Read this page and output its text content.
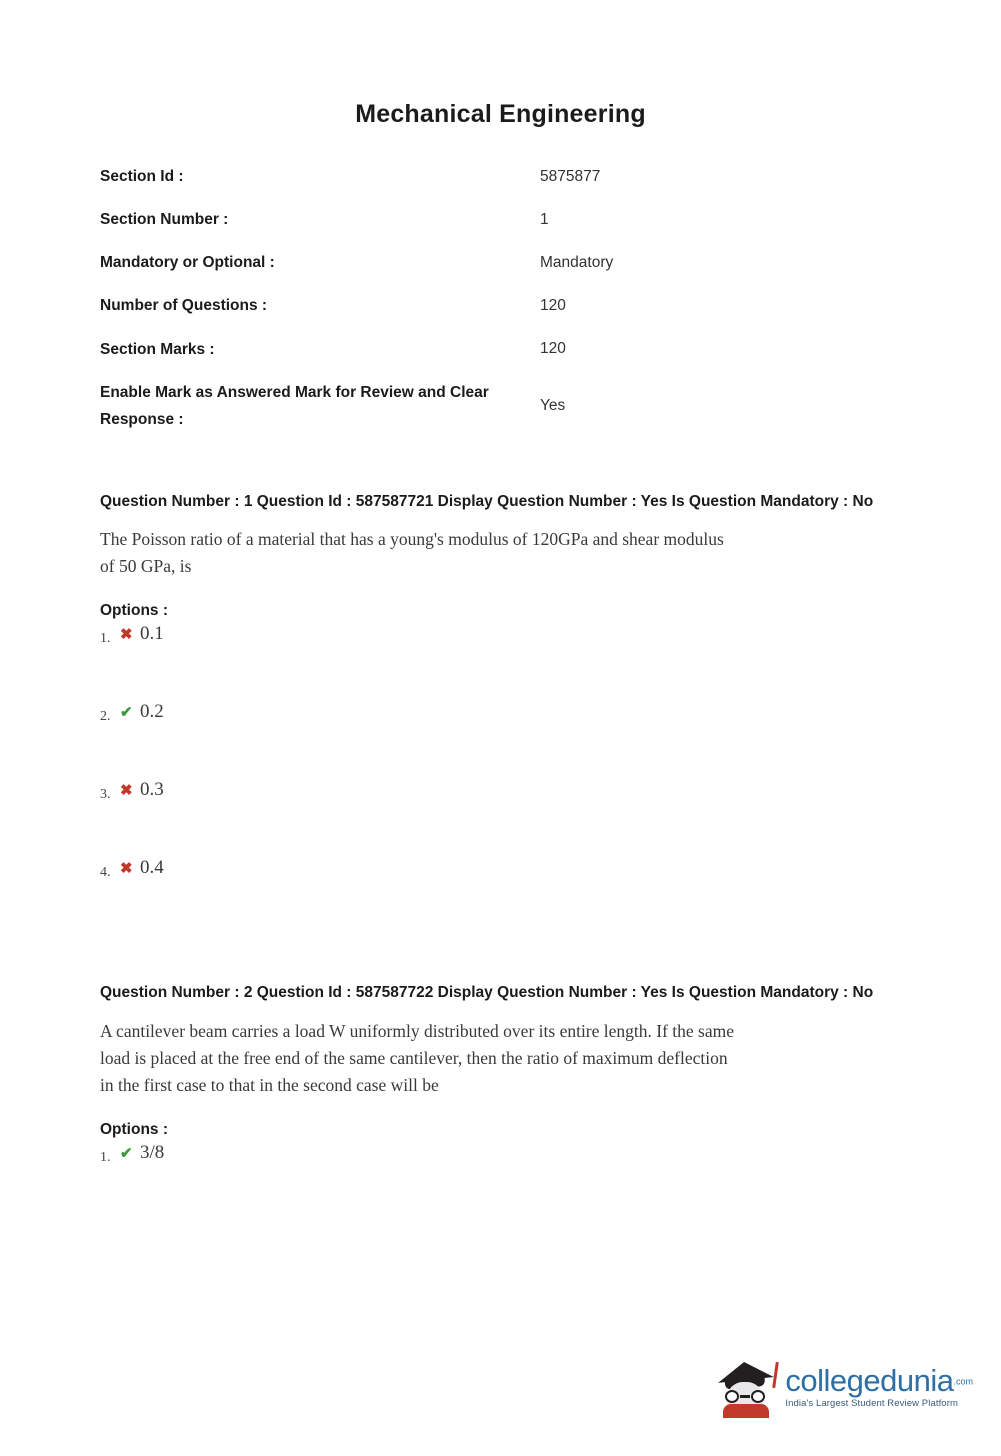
Mechanical Engineering
Section Id :	5875877
Section Number :	1
Mandatory or Optional :	Mandatory
Number of Questions :	120
Section Marks :	120
Enable Mark as Answered Mark for Review and Clear Response :	Yes
Question Number : 1 Question Id : 587587721 Display Question Number : Yes Is Question Mandatory : No
The Poisson ratio of a material that has a young's modulus of 120GPa and shear modulus of 50 GPa, is
Options :
1. ✖ 0.1
2. ✔ 0.2
3. ✖ 0.3
4. ✖ 0.4
Question Number : 2 Question Id : 587587722 Display Question Number : Yes Is Question Mandatory : No
A cantilever beam carries a load W uniformly distributed over its entire length. If the same load is placed at the free end of the same cantilever, then the ratio of maximum deflection in the first case to that in the second case will be
Options :
1. ✔ 3/8
collegedunia$^{.com}$
India's Largest Student Review Platform
